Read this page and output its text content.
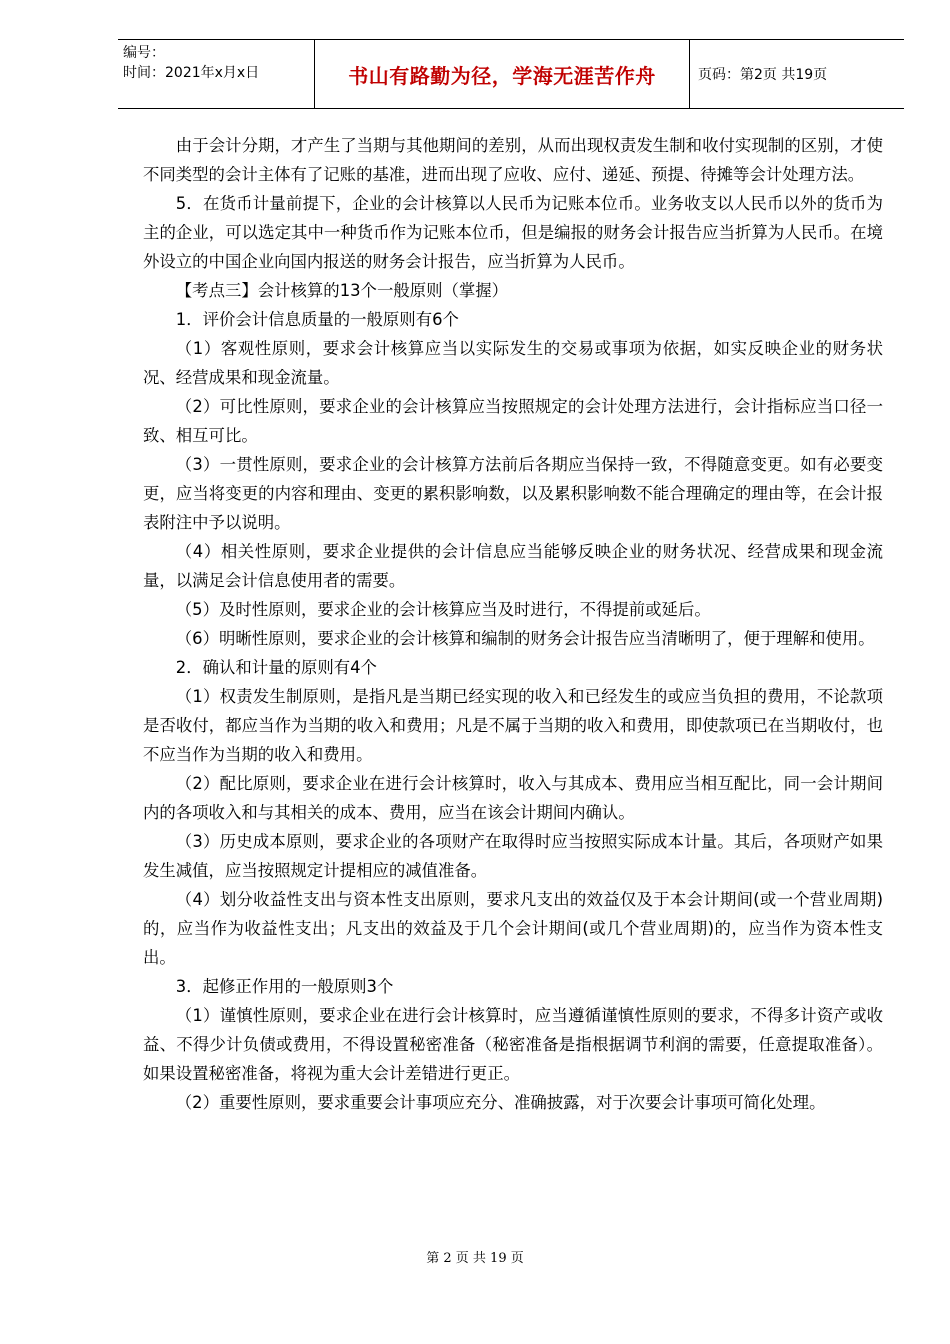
编号：
时间：2021年x月x日	书山有路勤为径，学海无涯苦作舟	页码：第2页 共19页

由于会计分期，才产生了当期与其他期间的差别，从而出现权责发生制和收付实现制的区别，才使不同类型的会计主体有了记账的基准，进而出现了应收、应付、递延、预提、待摊等会计处理方法。

5．在货币计量前提下，企业的会计核算以人民币为记账本位币。业务收支以人民币以外的货币为主的企业，可以选定其中一种货币作为记账本位币，但是编报的财务会计报告应当折算为人民币。在境外设立的中国企业向国内报送的财务会计报告，应当折算为人民币。

【考点三】会计核算的13个一般原则（掌握）

1．评价会计信息质量的一般原则有6个

（1）客观性原则，要求会计核算应当以实际发生的交易或事项为依据，如实反映企业的财务状况、经营成果和现金流量。

（2）可比性原则，要求企业的会计核算应当按照规定的会计处理方法进行，会计指标应当口径一致、相互可比。

（3）一贯性原则，要求企业的会计核算方法前后各期应当保持一致，不得随意变更。如有必要变更，应当将变更的内容和理由、变更的累积影响数，以及累积影响数不能合理确定的理由等，在会计报表附注中予以说明。

（4）相关性原则，要求企业提供的会计信息应当能够反映企业的财务状况、经营成果和现金流量，以满足会计信息使用者的需要。

（5）及时性原则，要求企业的会计核算应当及时进行，不得提前或延后。

（6）明晰性原则，要求企业的会计核算和编制的财务会计报告应当清晰明了，便于理解和使用。

2．确认和计量的原则有4个

（1）权责发生制原则，是指凡是当期已经实现的收入和已经发生的或应当负担的费用，不论款项是否收付，都应当作为当期的收入和费用；凡是不属于当期的收入和费用，即使款项已在当期收付，也不应当作为当期的收入和费用。

（2）配比原则，要求企业在进行会计核算时，收入与其成本、费用应当相互配比，同一会计期间内的各项收入和与其相关的成本、费用，应当在该会计期间内确认。

（3）历史成本原则，要求企业的各项财产在取得时应当按照实际成本计量。其后，各项财产如果发生减值，应当按照规定计提相应的减值准备。

（4）划分收益性支出与资本性支出原则，要求凡支出的效益仅及于本会计期间(或一个营业周期)的，应当作为收益性支出；凡支出的效益及于几个会计期间(或几个营业周期)的，应当作为资本性支出。

3．起修正作用的一般原则3个

（1）谨慎性原则，要求企业在进行会计核算时，应当遵循谨慎性原则的要求，不得多计资产或收益、不得少计负债或费用，不得设置秘密准备（秘密准备是指根据调节利润的需要，任意提取准备）。如果设置秘密准备，将视为重大会计差错进行更正。

（2）重要性原则，要求重要会计事项应充分、准确披露，对于次要会计事项可简化处理。

第 2 页 共 19 页
